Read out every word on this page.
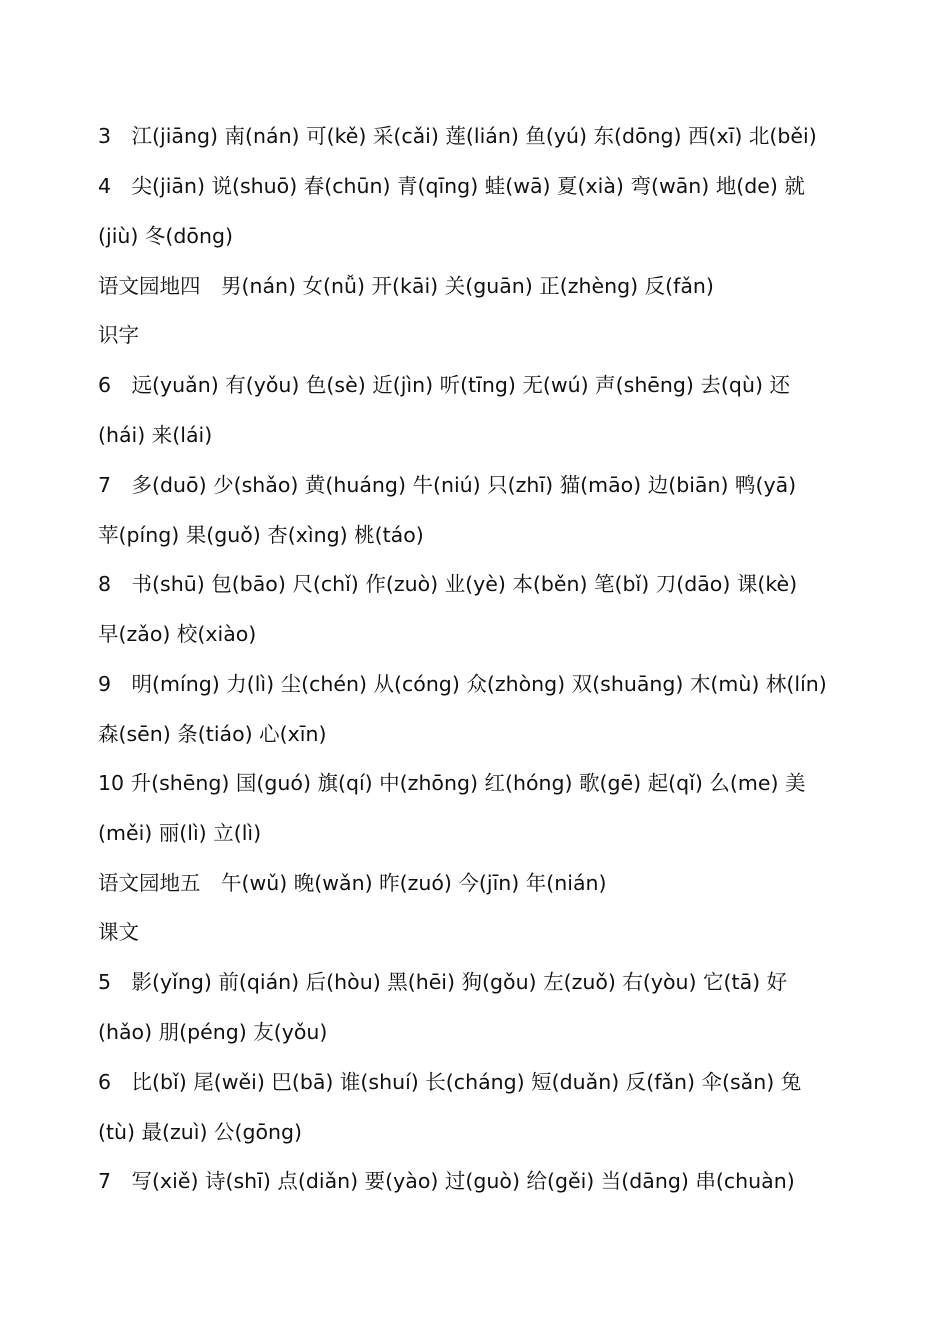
3　江(jiāng) 南(nán) 可(kě) 采(cǎi) 莲(lián) 鱼(yú) 东(dōng) 西(xī) 北(běi)
4　尖(jiān) 说(shuō) 春(chūn) 青(qīng) 蛙(wā) 夏(xià) 弯(wān) 地(de) 就
(jiù) 冬(dōng)
语文园地四　男(nán) 女(nǚ) 开(kāi) 关(guān) 正(zhèng) 反(fǎn)
识字
6　远(yuǎn) 有(yǒu) 色(sè) 近(jìn) 听(tīng) 无(wú) 声(shēng) 去(qù) 还
(hái) 来(lái)
7　多(duō) 少(shǎo) 黄(huáng) 牛(niú) 只(zhī) 猫(māo) 边(biān) 鸭(yā)
苹(píng) 果(guǒ) 杏(xìng) 桃(táo)
8　书(shū) 包(bāo) 尺(chǐ) 作(zuò) 业(yè) 本(běn) 笔(bǐ) 刀(dāo) 课(kè)
早(zǎo) 校(xiào)
9　明(míng) 力(lì) 尘(chén) 从(cóng) 众(zhòng) 双(shuāng) 木(mù) 林(lín)
森(sēn) 条(tiáo) 心(xīn)
10 升(shēng) 国(guó) 旗(qí) 中(zhōng) 红(hóng) 歌(gē) 起(qǐ) 么(me) 美
(měi) 丽(lì) 立(lì)
语文园地五　午(wǔ) 晚(wǎn) 昨(zuó) 今(jīn) 年(nián)
课文
5　影(yǐng) 前(qián) 后(hòu) 黑(hēi) 狗(gǒu) 左(zuǒ) 右(yòu) 它(tā) 好
(hǎo) 朋(péng) 友(yǒu)
6　比(bǐ) 尾(wěi) 巴(bā) 谁(shuí) 长(cháng) 短(duǎn) 反(fǎn) 伞(sǎn) 兔
(tù) 最(zuì) 公(gōng)
7　写(xiě) 诗(shī) 点(diǎn) 要(yào) 过(guò) 给(gěi) 当(dāng) 串(chuàn)
